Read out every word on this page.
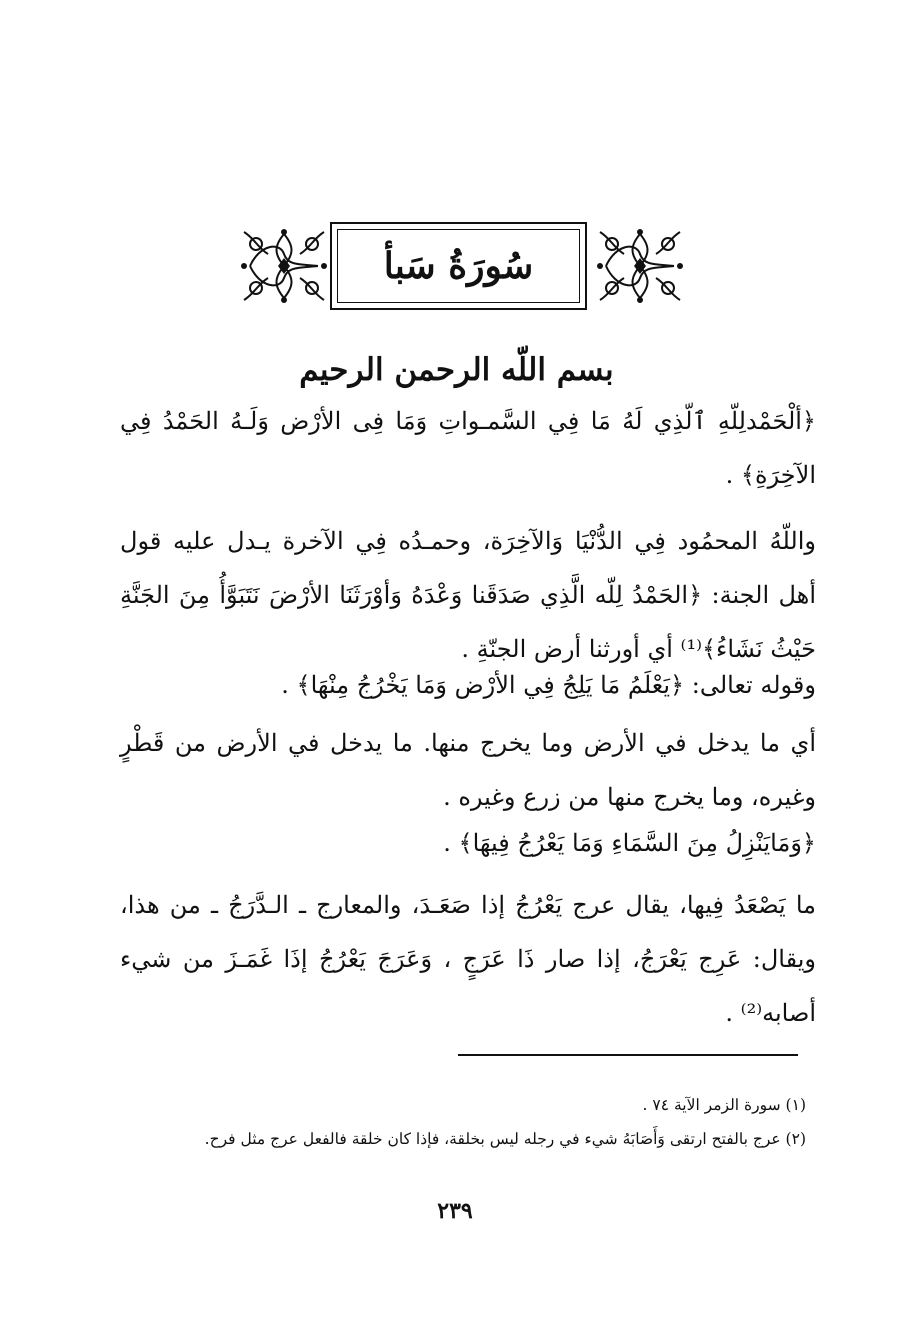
سُورَةُ سَبأ
بسم اللّه الرحمن الرحيم

﴿ألْحَمْدلِلّهِ ٱلّذِي لَهُ مَا فِي السَّمـواتِ وَمَا فِى الأرْض وَلَـهُ الحَمْدُ فِي الآخِرَةِ﴾ .

واللّهُ المحمُود فِي الدُّنْيَا وَالآخِرَة، وحمـدُه فِي الآخرة يـدل عليه قول أهل الجنة: ﴿الحَمْدُ لِلّه الَّذِي صَدَقَنا وَعْدَهُ وَأوْرَثَنَا الأرْضَ نَتَبَوَّأُ مِنَ الجَنَّةِ حَيْثُ نَشَاءُ﴾⁽¹⁾ أي أورثنا أرض الجنّةِ .

وقوله تعالى: ﴿يَعْلَمُ مَا يَلِجُ فِي الأرْض وَمَا يَخْرُجُ مِنْهَا﴾ .

أي ما يدخل في الأرض وما يخرج منها. ما يدخل في الأرض من قَطْرٍ وغيره، وما يخرج منها من زرع وغيره .

﴿وَمَايَنْزِلُ مِنَ السَّمَاءِ وَمَا يَعْرُجُ فِيهَا﴾ .

ما يَصْعَدُ فِيها، يقال عرج يَعْرُجُ إذا صَعَـدَ، والمعارج ـ الـدَّرَجُ ـ من هذا، ويقال: عَرِج يَعْرَجُ، إذا صار ذَا عَرَجٍ ، وَعَرَجَ يَعْرُجُ إذَا غَمَـزَ من شيء أصابه⁽²⁾ .

(١) سورة الزمر الآية ٧٤ .
(٢) عرج بالفتح ارتقى وَأَصَابَهُ شيء في رجله ليس بخلقة، فإذا كان خلقة فالفعل عرج مثل فرح.
٢٣٩
